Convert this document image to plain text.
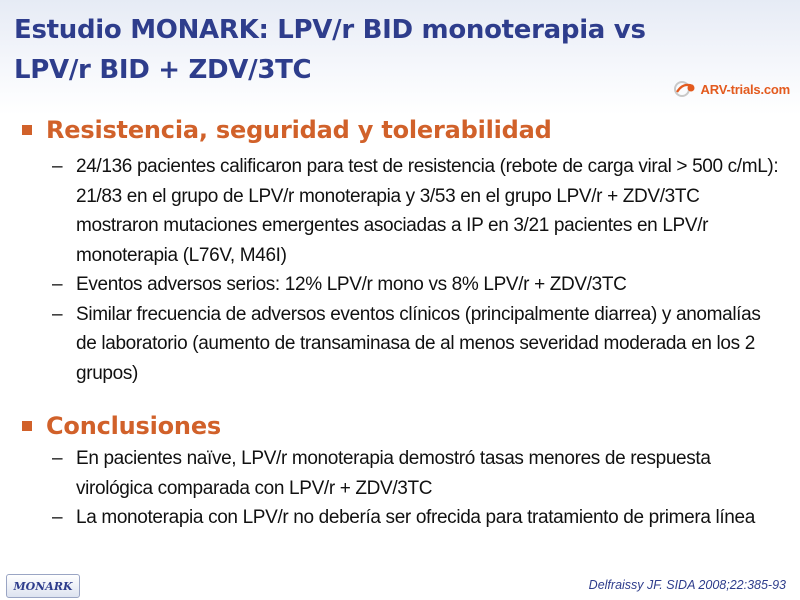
Estudio MONARK: LPV/r BID monoterapia vs
LPV/r BID + ZDV/3TC
ARV-trials.com
Resistencia, seguridad y tolerabilidad
– 24/136 pacientes calificaron para test de resistencia (rebote de carga viral > 500 c/mL): 21/83 en el grupo de LPV/r monoterapia y 3/53 en el grupo LPV/r + ZDV/3TC mostraron mutaciones emergentes asociadas a IP en 3/21 pacientes en LPV/r monoterapia (L76V, M46I)
– Eventos adversos serios: 12% LPV/r mono vs 8% LPV/r + ZDV/3TC
– Similar frecuencia de adversos eventos clínicos (principalmente diarrea) y anomalías de laboratorio (aumento de transaminasa de al menos severidad moderada en los 2 grupos)
Conclusiones
– En pacientes naïve, LPV/r monoterapia demostró tasas menores de respuesta virológica comparada con LPV/r + ZDV/3TC
– La monoterapia con LPV/r no debería ser ofrecida para tratamiento de primera línea
MONARK	Delfraissy JF. SIDA 2008;22:385-93
